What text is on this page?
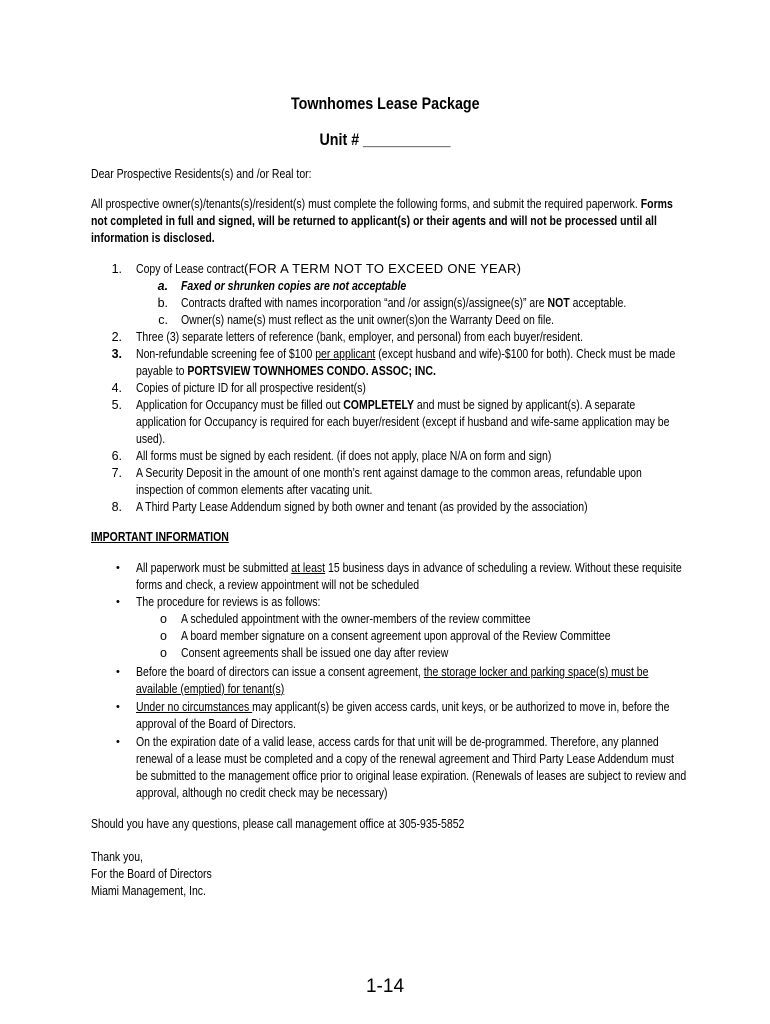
Townhomes Lease Package
Unit # ___________
Dear Prospective Residents(s) and /or Real tor:
All prospective owner(s)/tenants(s)/resident(s) must complete the following forms, and submit the required paperwork. Forms
not completed in full and signed, will be returned to applicant(s) or their agents and will not be processed until all
information is disclosed.
1. Copy of Lease contract (FOR A TERM NOT TO EXCEED ONE YEAR)
a. Faxed or shrunken copies are not acceptable
b. Contracts drafted with names incorporation “and /or assign(s)/assignee(s)” are NOT acceptable.
c. Owner(s) name(s) must reflect as the unit owner(s)on the Warranty Deed on file.
2. Three (3) separate letters of reference (bank, employer, and personal) from each buyer/resident.
3. Non-refundable screening fee of $100 per applicant (except husband and wife)-$100 for both). Check must be made
payable to PORTSVIEW TOWNHOMES CONDO. ASSOC; INC.
4. Copies of picture ID for all prospective resident(s)
5. Application for Occupancy must be filled out COMPLETELY and must be signed by applicant(s). A separate
application for Occupancy is required for each buyer/resident (except if husband and wife-same application may be
used).
6. All forms must be signed by each resident. (if does not apply, place N/A on form and sign)
7. A Security Deposit in the amount of one month’s rent against damage to the common areas, refundable upon
inspection of common elements after vacating unit.
8. A Third Party Lease Addendum signed by both owner and tenant (as provided by the association)
IMPORTANT INFORMATION
• All paperwork must be submitted at least 15 business days in advance of scheduling a review. Without these requisite
forms and check, a review appointment will not be scheduled
• The procedure for reviews is as follows:
o A scheduled appointment with the owner-members of the review committee
o A board member signature on a consent agreement upon approval of the Review Committee
o Consent agreements shall be issued one day after review
• Before the board of directors can issue a consent agreement, the storage locker and parking space(s) must be
available (emptied) for tenant(s)
• Under no circumstances may applicant(s) be given access cards, unit keys, or be authorized to move in, before the
approval of the Board of Directors.
• On the expiration date of a valid lease, access cards for that unit will be de-programmed. Therefore, any planned
renewal of a lease must be completed and a copy of the renewal agreement and Third Party Lease Addendum must
be submitted to the management office prior to original lease expiration. (Renewals of leases are subject to review and
approval, although no credit check may be necessary)
Should you have any questions, please call management office at 305-935-5852
Thank you,
For the Board of Directors
Miami Management, Inc.
1-14
